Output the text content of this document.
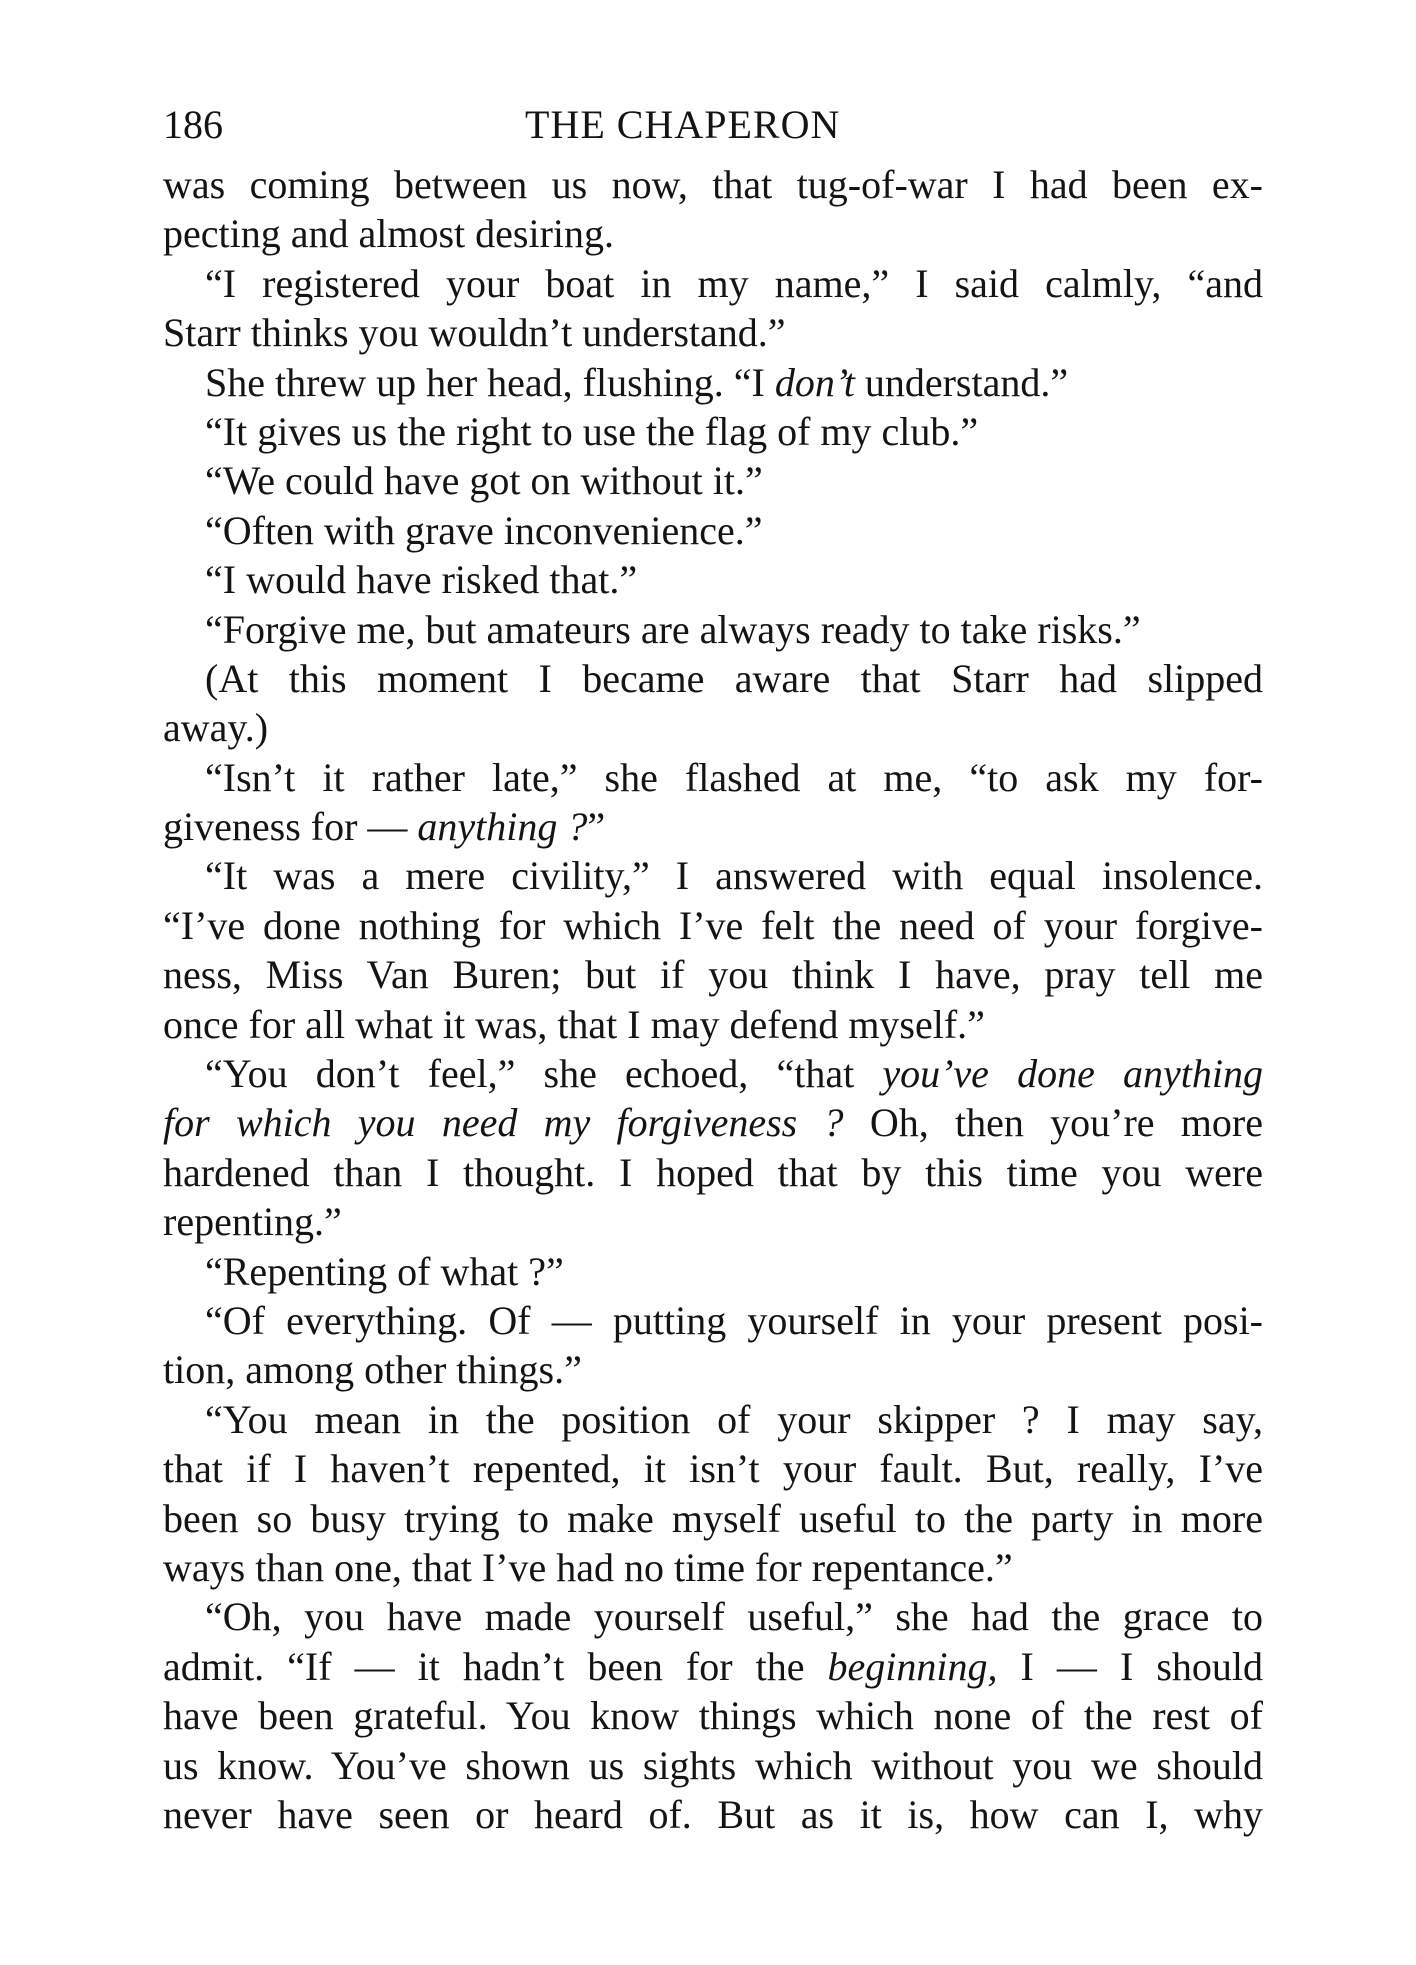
186	THE CHAPERON
was coming between us now, that tug-of-war I had been ex-
pecting and almost desiring.
“I registered your boat in my name,” I said calmly, “and
Starr thinks you wouldn’t understand.”
She threw up her head, flushing. “I don’t understand.”
“It gives us the right to use the flag of my club.”
“We could have got on without it.”
“Often with grave inconvenience.”
“I would have risked that.”
“Forgive me, but amateurs are always ready to take risks.”
(At this moment I became aware that Starr had slipped
away.)
“Isn’t it rather late,” she flashed at me, “to ask my for-
giveness for — anything ?”
“It was a mere civility,” I answered with equal insolence.
“I’ve done nothing for which I’ve felt the need of your forgive-
ness, Miss Van Buren; but if you think I have, pray tell me
once for all what it was, that I may defend myself.”
“You don’t feel,” she echoed, “that you’ve done anything
for which you need my forgiveness ? Oh, then you’re more
hardened than I thought. I hoped that by this time you were
repenting.”
“Repenting of what ?”
“Of everything. Of — putting yourself in your present posi-
tion, among other things.”
“You mean in the position of your skipper ? I may say,
that if I haven’t repented, it isn’t your fault. But, really, I’ve
been so busy trying to make myself useful to the party in more
ways than one, that I’ve had no time for repentance.”
“Oh, you have made yourself useful,” she had the grace to
admit. “If — it hadn’t been for the beginning, I — I should
have been grateful. You know things which none of the rest of
us know. You’ve shown us sights which without you we should
never have seen or heard of. But as it is, how can I, why
